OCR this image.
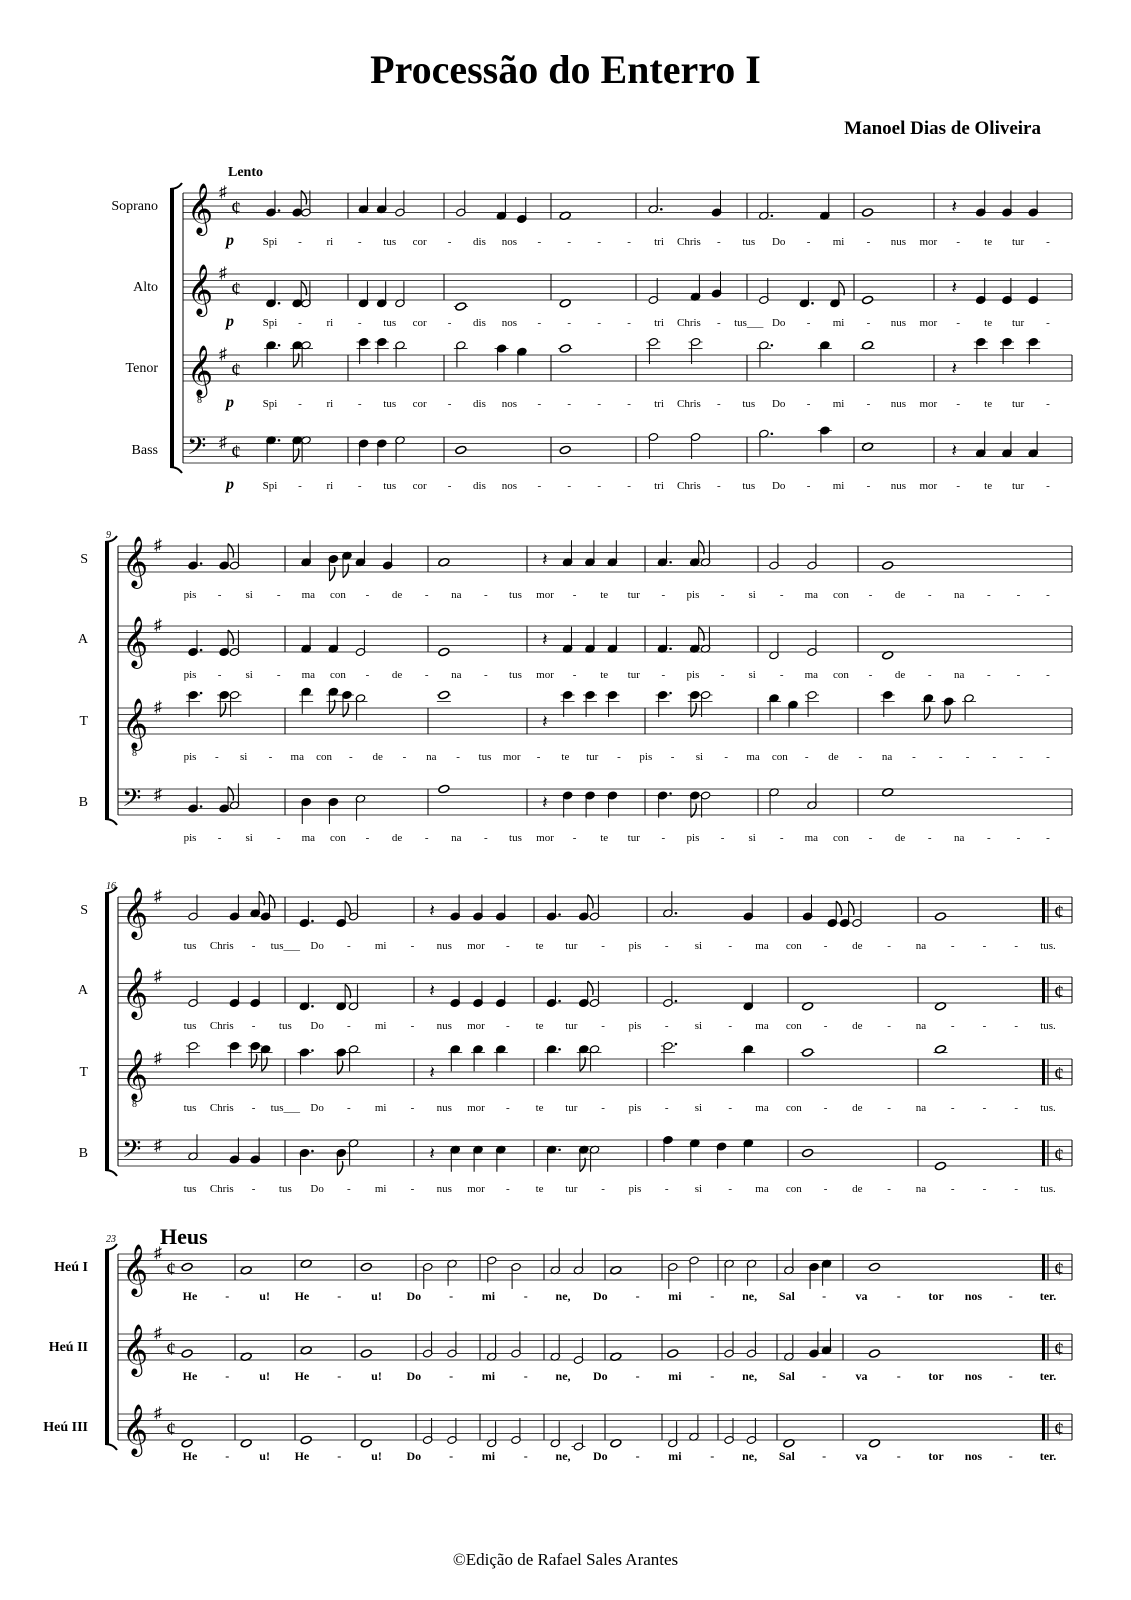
Processão do Enterro I
Manoel Dias de Oliveira
Soprano 𝄞 ♯
¢	𝄽
Spi - ri - tus cor - dis nos - - - - tri Chris - tus Do - mi - nus mor - te tur -
p
Alto 𝄞 ♯
¢	𝄽
Spi - ri - tus cor - dis nos - - - - tri Chris - tus___ Do - mi - nus mor - te tur -
p
Tenor 𝄞
8
♯
¢	𝄽
Spi - ri - tus cor - dis nos - - - - tri Chris - tus Do - mi - nus mor - te tur -
p
Bass 𝄢 ♯ ¢	𝄽
Spi - ri - tus cor - dis nos - - - - tri Chris - tus Do - mi - nus mor - te tur -
p
S 𝄞 ♯
𝄽
pis - si - ma con - de - na - tus mor - te tur - pis - si - ma con - de - na - - -
A 𝄞 ♯
𝄽
pis - si - ma con - de - na - tus mor - te tur - pis - si - ma con - de - na - - -
T 𝄞
8
♯
𝄽
pis - si - ma con - de - na - tus mor - te tur - pis - si - ma con - de - na - - - - - -
B 𝄢 ♯	𝄽
pis - si - ma con - de - na - tus mor - te tur - pis - si - ma con - de - na - - -
¢
S 𝄞 ♯
𝄽
tus Chris - tus___ Do - mi - nus mor - te tur - pis - si - ma con - de - na -	-	- tus.
¢
A 𝄞 ♯
𝄽
tus Chris - tus Do - mi - nus mor - te tur - pis - si - ma con - de - na -	-	- tus.
¢
T 𝄞
8
♯
𝄽
tus Chris - tus___ Do - mi - nus mor - te tur - pis - si - ma con - de - na -	-	- tus.
¢
B 𝄢 ♯	𝄽
tus Chris - tus Do - mi - nus mor - te tur - pis - si - ma con - de - na -	-	- tus.
¢
Heú I 𝄞 ♯
¢
He - u! He - u! Do - mi - ne, Do - mi - ne, Sal - va - tor nos - ter.
¢
Heú II 𝄞 ♯
¢
He - u! He - u! Do - mi - ne, Do - mi - ne, Sal - va - tor nos - ter.
¢
Heú III 𝄞 ♯
¢
He - u! He - u! Do - mi - ne, Do - mi - ne, Sal - va - tor nos - ter.
Lento
9
16
23 Heus
©Edição de Rafael Sales Arantes
